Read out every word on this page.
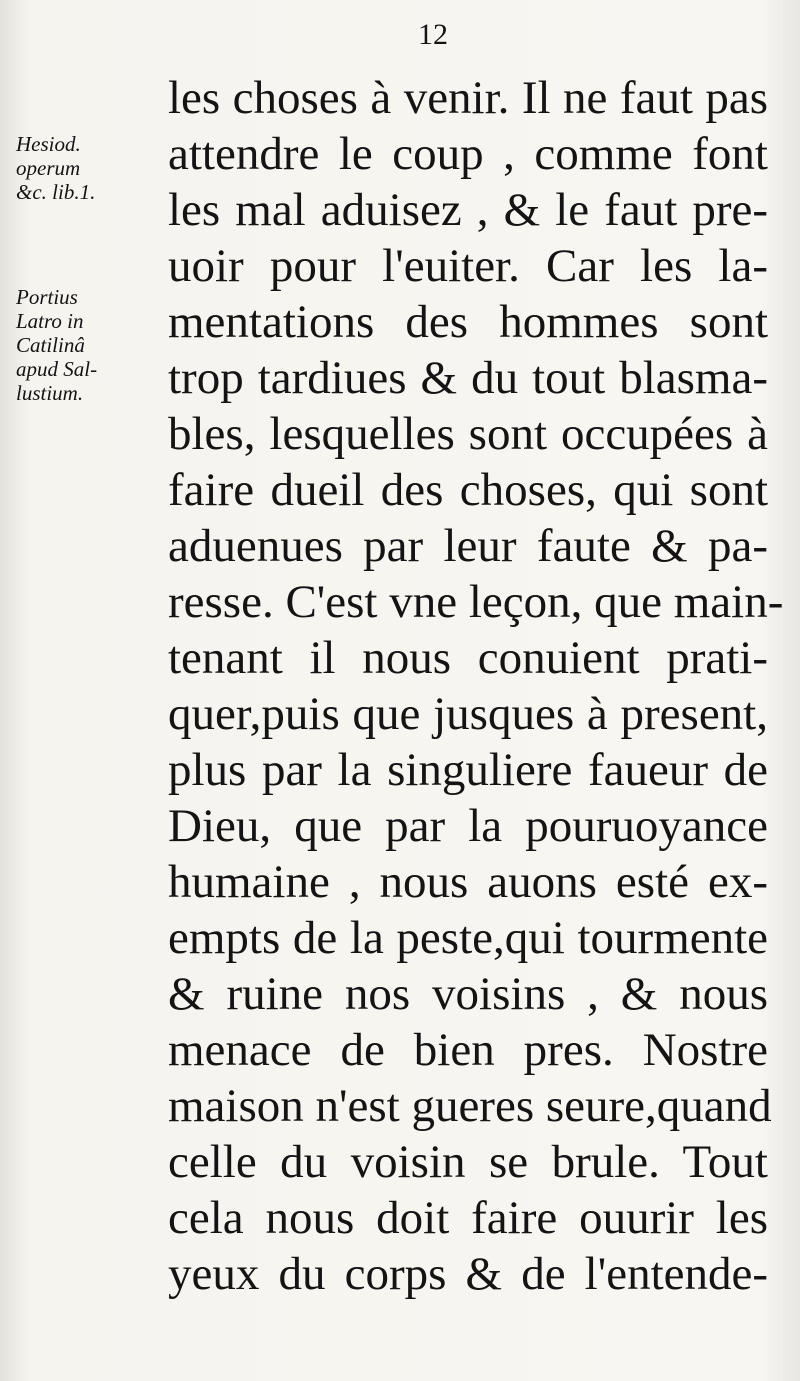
12
Hesiod.
operum
&c. lib.1.
Portius
Latro in
Catilinâ
apud Sal-
lustium.
les choses à venir. Il ne faut pas
attendre le coup , comme font
les mal aduisez , & le faut pre-
uoir pour l'euiter. Car les la-
mentations des hommes sont
trop tardiues & du tout blasma-
bles, lesquelles sont occupées à
faire dueil des choses, qui sont
aduenues par leur faute & pa-
resse. C'est vne leçon, que main-
tenant il nous conuient prati-
quer,puis que jusques à present,
plus par la singuliere faueur de
Dieu, que par la pouruoyance
humaine , nous auons esté ex-
empts de la peste,qui tourmente
& ruine nos voisins , & nous
menace de bien pres. Nostre
maison n'est gueres seure,quand
celle du voisin se brule. Tout
cela nous doit faire ouurir les
yeux du corps & de l'entende-
